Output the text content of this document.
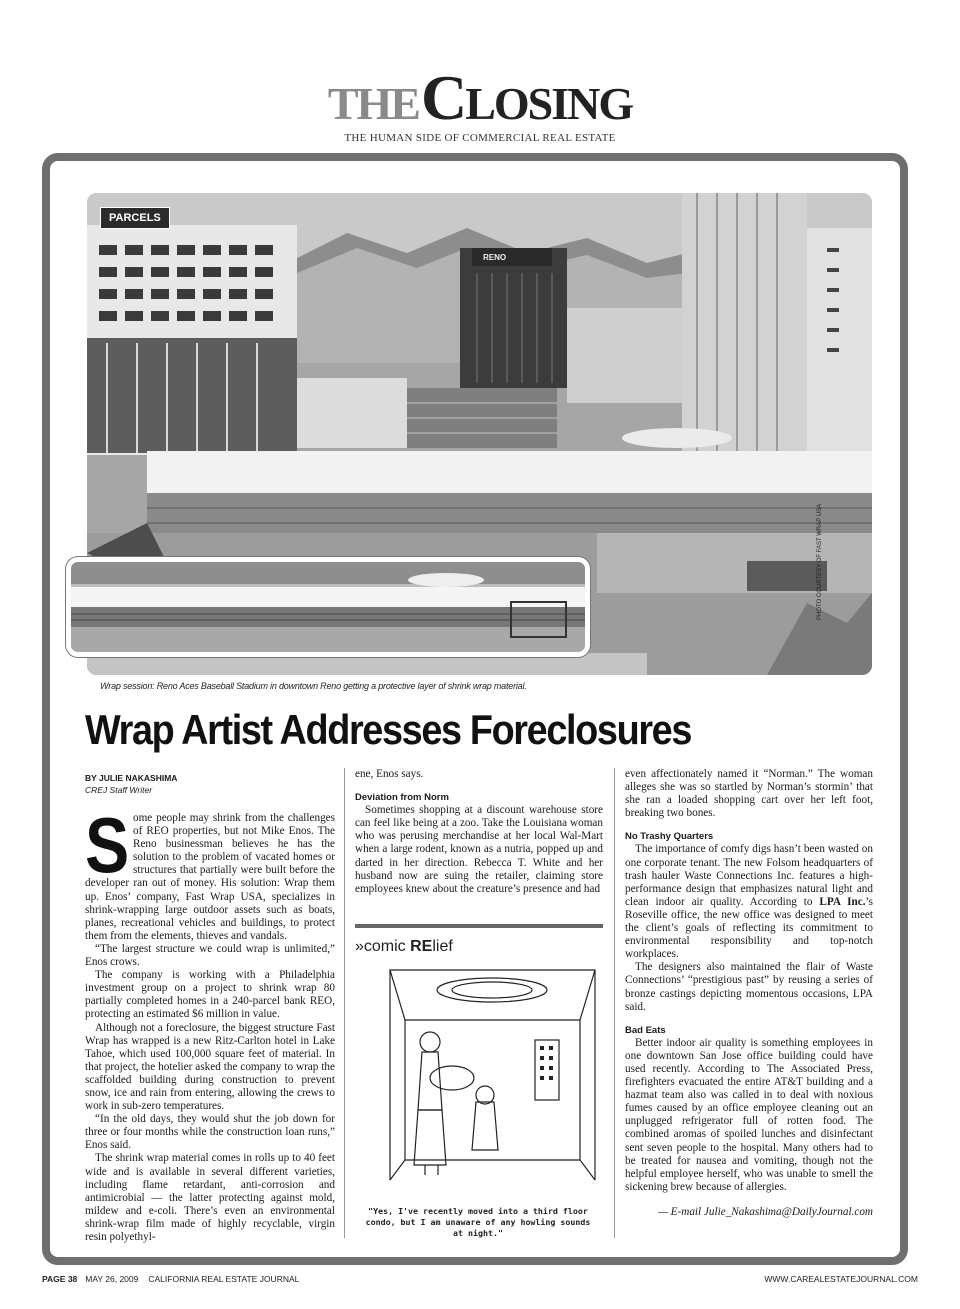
THECLOSING
THE HUMAN SIDE OF COMMERCIAL REAL ESTATE
RENO
PARCELS
PHOTO COURTESY OF FAST WRAP USA
Wrap session: Reno Aces Baseball Stadium in downtown Reno getting a protective layer of shrink wrap material.
Wrap Artist Addresses Foreclosures

BY JULIE NAKASHIMA

CREJ Staff Writer

Some people may shrink from the challenges of REO properties, but not Mike Enos. The Reno businessman believes he has the solution to the problem of vacated homes or structures that partially were built before the developer ran out of money. His solution: Wrap them up. Enos’ company, Fast Wrap USA, specializes in shrink-wrapping large outdoor assets such as boats, planes, recreational vehicles and buildings, to protect them from the elements, thieves and vandals.

“The largest structure we could wrap is unlimited,” Enos crows.

The company is working with a Philadelphia investment group on a project to shrink wrap 80 partially completed homes in a 240-parcel bank REO, protecting an estimated $6 million in value.

Although not a foreclosure, the biggest structure Fast Wrap has wrapped is a new Ritz-Carlton hotel in Lake Tahoe, which used 100,000 square feet of material. In that project, the hotelier asked the company to wrap the scaffolded building during construction to prevent snow, ice and rain from entering, allowing the crews to work in sub-zero temperatures.

“In the old days, they would shut the job down for three or four months while the construction loan runs,” Enos said.

The shrink wrap material comes in rolls up to 40 feet wide and is available in several different varieties, including flame retardant, anti-corrosion and antimicrobial — the latter protecting against mold, mildew and e-coli. There’s even an environmental shrink-wrap film made of highly recyclable, virgin resin polyethyl-

ene, Enos says.

Deviation from Norm

Sometimes shopping at a discount warehouse store can feel like being at a zoo. Take the Louisiana woman who was perusing merchandise at her local Wal-Mart when a large rodent, known as a nutria, popped up and darted in her direction. Rebecca T. White and her husband now are suing the retailer, claiming store employees knew about the creature’s presence and had

»comic RElief
"Yes, I've recently moved into a third floor condo, but I am unaware of any howling sounds at night."

even affectionately named it “Norman.” The woman alleges she was so startled by Norman’s stormin’ that she ran a loaded shopping cart over her left foot, breaking two bones.

No Trashy Quarters

The importance of comfy digs hasn’t been wasted on one corporate tenant. The new Folsom headquarters of trash hauler Waste Connections Inc. features a high-performance design that emphasizes natural light and clean indoor air quality. According to LPA Inc.’s Roseville office, the new office was designed to meet the client’s goals of reflecting its commitment to environmental responsibility and top-notch workplaces.

The designers also maintained the flair of Waste Connections’ “prestigious past” by reusing a series of bronze castings depicting momentous occasions, LPA said.

Bad Eats

Better indoor air quality is something employees in one downtown San Jose office building could have used recently. According to The Associated Press, firefighters evacuated the entire AT&T building and a hazmat team also was called in to deal with noxious fumes caused by an office employee cleaning out an unplugged refrigerator full of rotten food. The combined aromas of spoiled lunches and disinfectant sent seven people to the hospital. Many others had to be treated for nausea and vomiting, though not the helpful employee herself, who was unable to smell the sickening brew because of allergies.

— E-mail Julie_Nakashima@DailyJournal.com

PAGE 38 MAY 26, 2009 CALIFORNIA REAL ESTATE JOURNAL	WWW.CAREALESTATEJOURNAL.COM
